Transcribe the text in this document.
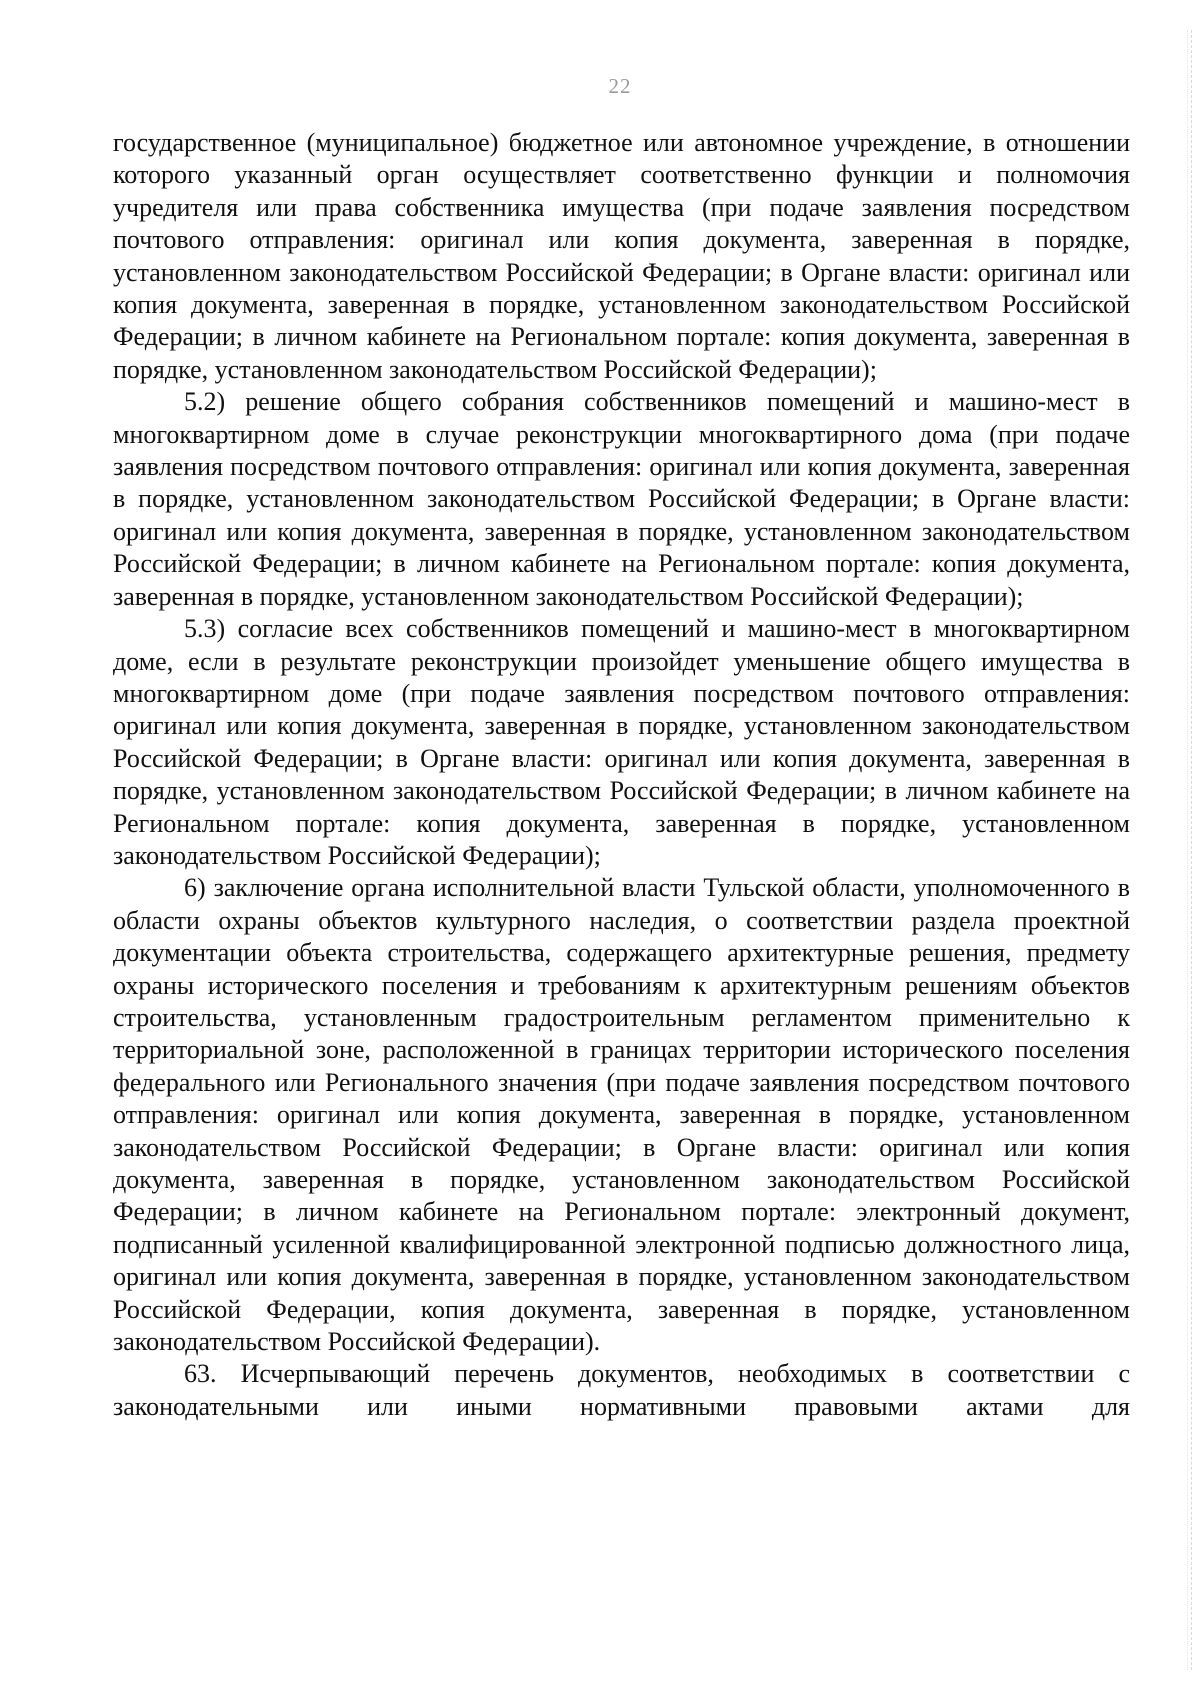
22

государственное (муниципальное) бюджетное или автономное учреждение, в отношении которого указанный орган осуществляет соответственно функции и полномочия учредителя или права собственника имущества (при подаче заявления посредством почтового отправления: оригинал или копия документа, заверенная в порядке, установленном законодательством Российской Федерации; в Органе власти: оригинал или копия документа, заверенная в порядке, установленном законодательством Российской Федерации; в личном кабинете на Региональном портале: копия документа, заверенная в порядке, установленном законодательством Российской Федерации);

5.2) решение общего собрания собственников помещений и машино-мест в многоквартирном доме в случае реконструкции многоквартирного дома (при подаче заявления посредством почтового отправления: оригинал или копия документа, заверенная в порядке, установленном законодательством Российской Федерации; в Органе власти: оригинал или копия документа, заверенная в порядке, установленном законодательством Российской Федерации; в личном кабинете на Региональном портале: копия документа, заверенная в порядке, установленном законодательством Российской Федерации);

5.3) согласие всех собственников помещений и машино-мест в многоквартирном доме, если в результате реконструкции произойдет уменьшение общего имущества в многоквартирном доме (при подаче заявления посредством почтового отправления: оригинал или копия документа, заверенная в порядке, установленном законодательством Российской Федерации; в Органе власти: оригинал или копия документа, заверенная в порядке, установленном законодательством Российской Федерации; в личном кабинете на Региональном портале: копия документа, заверенная в порядке, установленном законодательством Российской Федерации);

6) заключение органа исполнительной власти Тульской области, уполномоченного в области охраны объектов культурного наследия, о соответствии раздела проектной документации объекта строительства, содержащего архитектурные решения, предмету охраны исторического поселения и требованиям к архитектурным решениям объектов строительства, установленным градостроительным регламентом применительно к территориальной зоне, расположенной в границах территории исторического поселения федерального или Регионального значения (при подаче заявления посредством почтового отправления: оригинал или копия документа, заверенная в порядке, установленном законодательством Российской Федерации; в Органе власти: оригинал или копия документа, заверенная в порядке, установленном законодательством Российской Федерации; в личном кабинете на Региональном портале: электронный документ, подписанный усиленной квалифицированной электронной подписью должностного лица, оригинал или копия документа, заверенная в порядке, установленном законодательством Российской Федерации, копия документа, заверенная в порядке, установленном законодательством Российской Федерации).

63. Исчерпывающий перечень документов, необходимых в соответствии с законодательными или иными нормативными правовыми актами для
